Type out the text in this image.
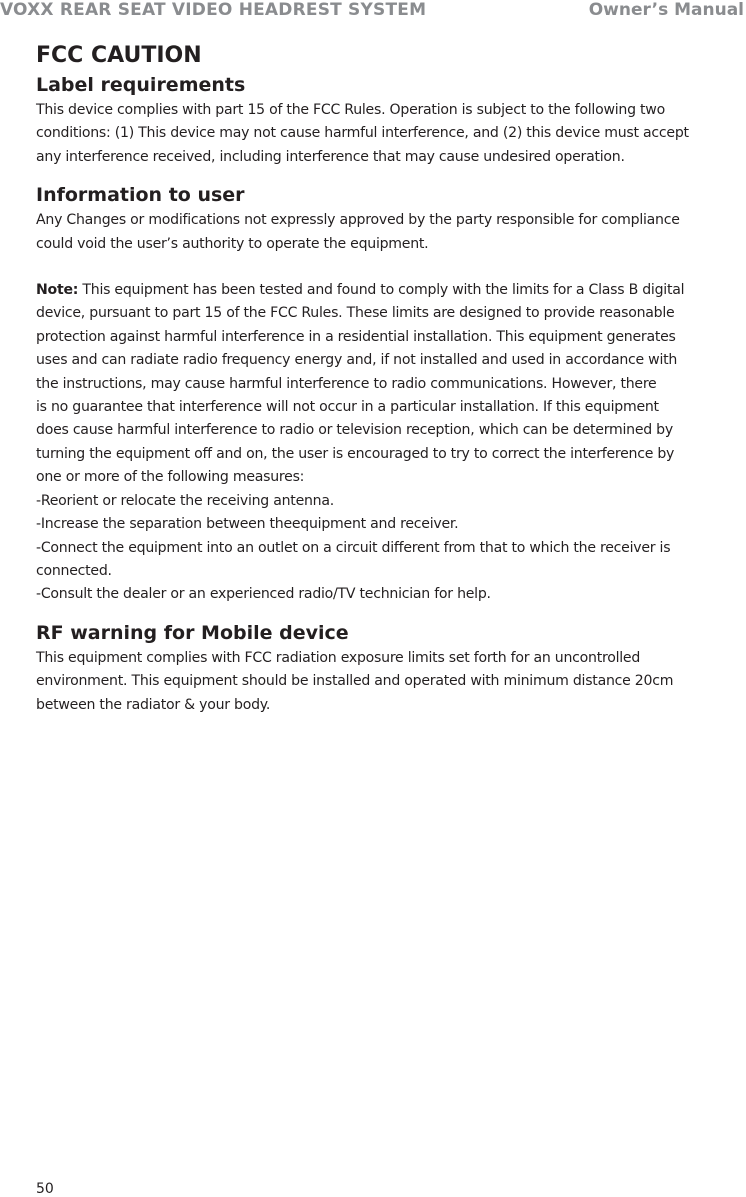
VOXX REAR SEAT VIDEO HEADREST SYSTEM	Owner’s Manual
FCC CAUTION
Label requirements

This device complies with part 15 of the FCC Rules. Operation is subject to the following two

conditions: (1) This device may not cause harmful interference, and (2) this device must accept

any interference received, including interference that may cause undesired operation.

Information to user

Any Changes or modifications not expressly approved by the party responsible for compliance

could void the user’s authority to operate the equipment.

Note: This equipment has been tested and found to comply with the limits for a Class B digital

device, pursuant to part 15 of the FCC Rules. These limits are designed to provide reasonable

protection against harmful interference in a residential installation. This equipment generates

uses and can radiate radio frequency energy and, if not installed and used in accordance with

the instructions, may cause harmful interference to radio communications. However, there

is no guarantee that interference will not occur in a particular installation. If this equipment

does cause harmful interference to radio or television reception, which can be determined by

turning the equipment off and on, the user is encouraged to try to correct the interference by

one or more of the following measures:

-Reorient or relocate the receiving antenna.

-Increase the separation between theequipment and receiver.

-Connect the equipment into an outlet on a circuit different from that to which the receiver is

connected.

-Consult the dealer or an experienced radio/TV technician for help.

RF warning for Mobile device

This equipment complies with FCC radiation exposure limits set forth for an uncontrolled

environment. This equipment should be installed and operated with minimum distance 20cm

between the radiator & your body.

50
